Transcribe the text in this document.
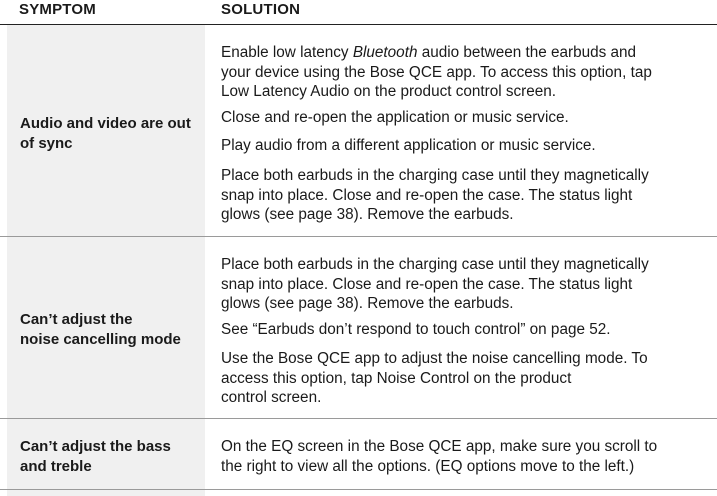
SYMPTOM	SOLUTION
Audio and video are out
of sync
Enable low latency Bluetooth audio between the earbuds and
your device using the Bose QCE app. To access this option, tap
Low Latency Audio on the product control screen.
Close and re-open the application or music service.
Play audio from a different application or music service.
Place both earbuds in the charging case until they magnetically
snap into place. Close and re-open the case. The status light
glows (see page 38). Remove the earbuds.
Can’t adjust the
noise cancelling mode
Place both earbuds in the charging case until they magnetically
snap into place. Close and re-open the case. The status light
glows (see page 38). Remove the earbuds.
See “Earbuds don’t respond to touch control” on page 52.
Use the Bose QCE app to adjust the noise cancelling mode. To
access this option, tap Noise Control on the product
control screen.
Can’t adjust the bass
and treble
On the EQ screen in the Bose QCE app, make sure you scroll to
the right to view all the options. (EQ options move to the left.)
